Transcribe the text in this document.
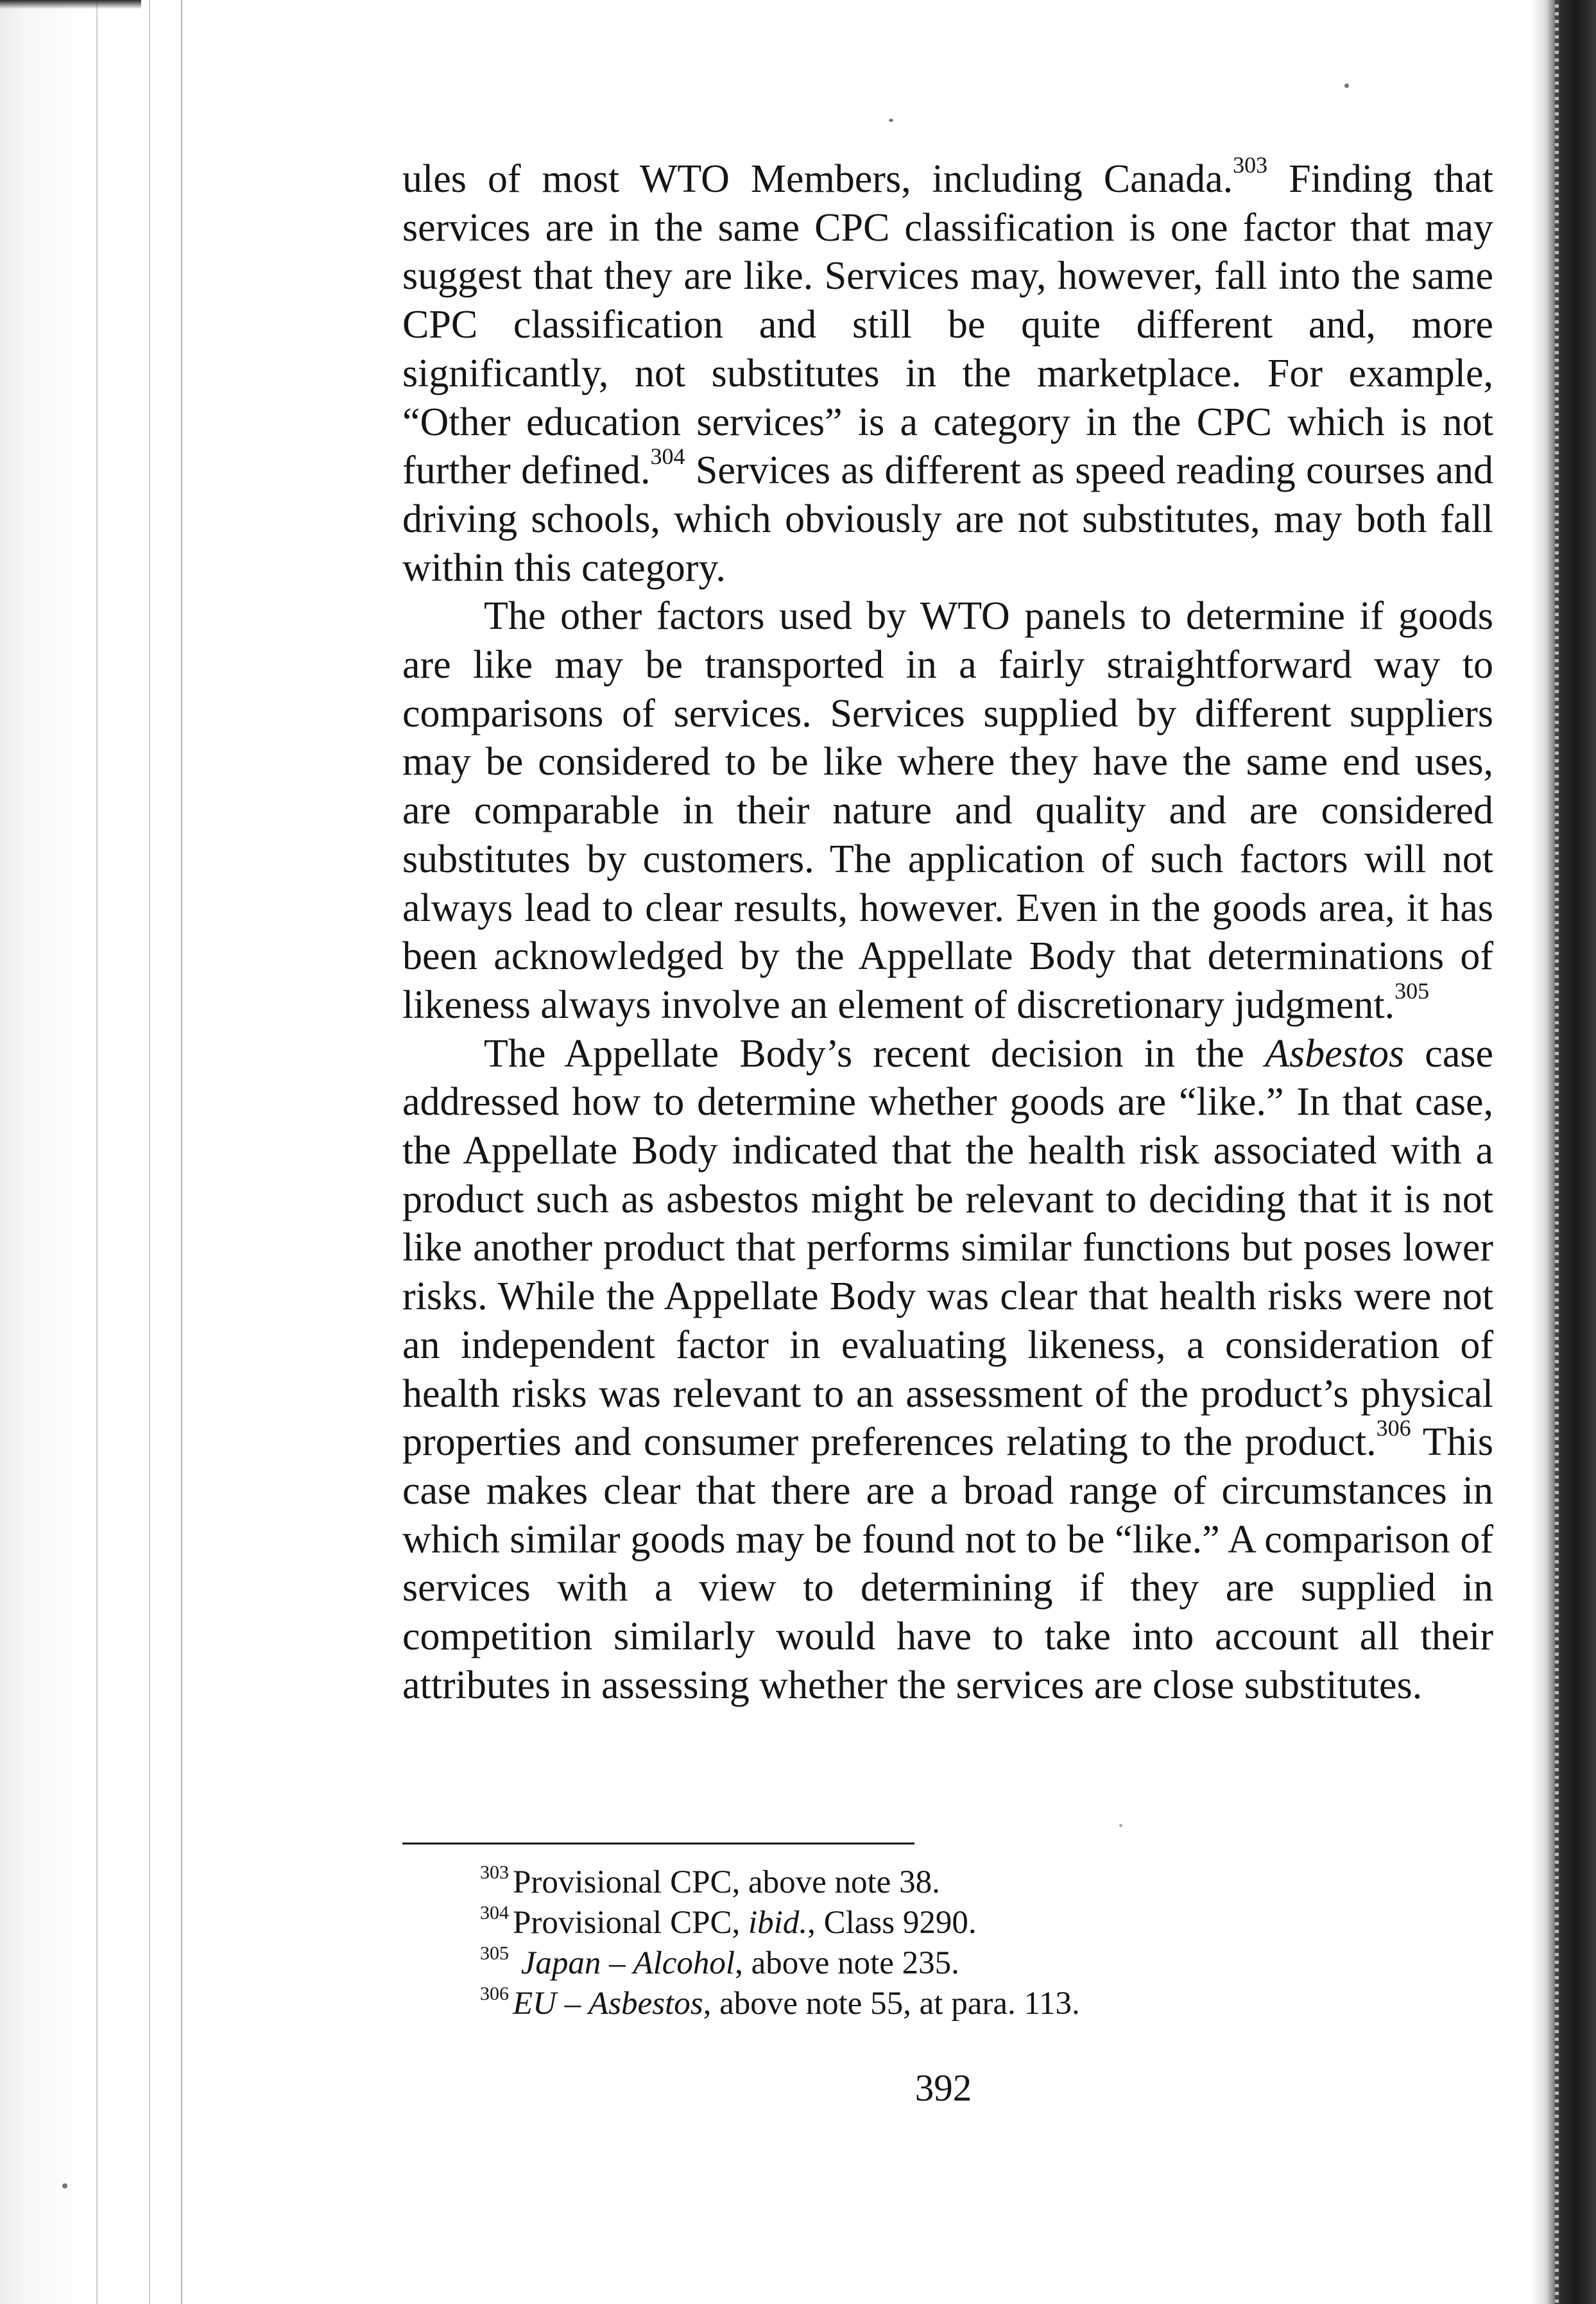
ules of most WTO Members, including Canada.$^{303}$ Finding that services are in the same CPC classification is one factor that may suggest that they are like. Services may, however, fall into the same CPC classification and still be quite different and, more significantly, not substitutes in the marketplace. For example, “Other education services” is a category in the CPC which is not further defined.$^{304}$ Services as different as speed reading courses and driving schools, which obviously are not substitutes, may both fall within this category.

The other factors used by WTO panels to determine if goods are like may be transported in a fairly straightforward way to comparisons of services. Services supplied by different suppliers may be considered to be like where they have the same end uses, are comparable in their nature and quality and are considered substitutes by customers. The application of such factors will not always lead to clear results, however. Even in the goods area, it has been acknowledged by the Appellate Body that determinations of likeness always involve an element of discretionary judgment.$^{305}$

The Appellate Body’s recent decision in the Asbestos case addressed how to determine whether goods are “like.” In that case, the Appellate Body indicated that the health risk associated with a product such as asbestos might be relevant to deciding that it is not like another product that performs similar functions but poses lower risks. While the Appellate Body was clear that health risks were not an independent factor in evaluating likeness, a consideration of health risks was relevant to an assessment of the product’s physical properties and consumer preferences relating to the product.$^{306}$ This case makes clear that there are a broad range of circumstances in which similar goods may be found not to be “like.” A comparison of services with a view to determining if they are supplied in competition similarly would have to take into account all their attributes in assessing whether the services are close substitutes.

$^{303}$ Provisional CPC, above note 38.
$^{304}$ Provisional CPC, ibid., Class 9290.
$^{305}$ Japan – Alcohol, above note 235.
$^{306}$ EU – Asbestos, above note 55, at para. 113.
392
